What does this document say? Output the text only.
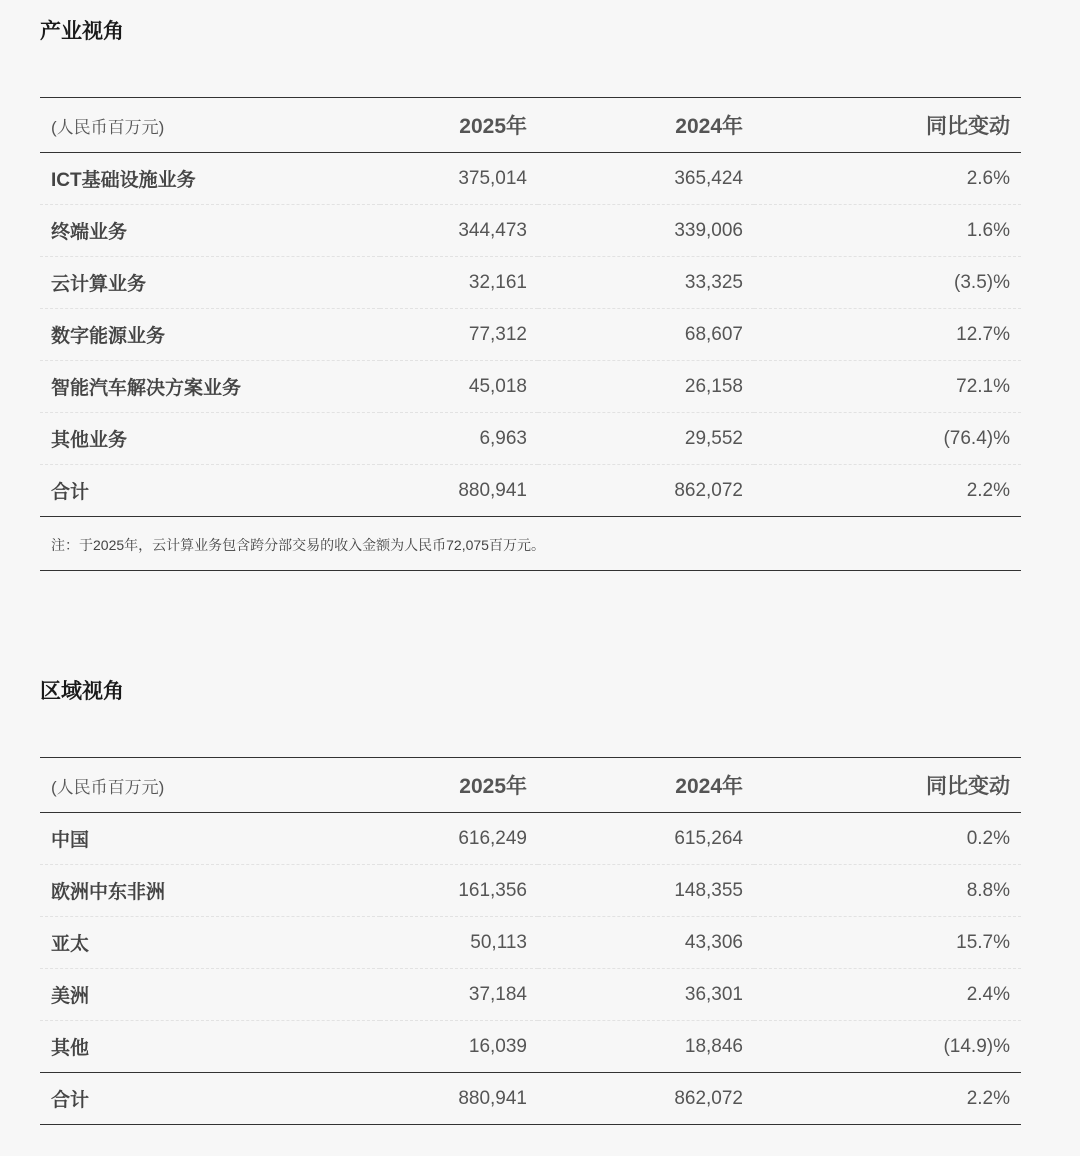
产业视角
(人民币百万元)	2025年	2024年	同比变动
ICT基础设施业务	375,014	365,424	2.6%
终端业务	344,473	339,006	1.6%
云计算业务	32,161	33,325	(3.5)%
数字能源业务	77,312	68,607	12.7%
智能汽车解决方案业务	45,018	26,158	72.1%
其他业务	6,963	29,552	(76.4)%
合计	880,941	862,072	2.2%
注：于2025年，云计算业务包含跨分部交易的收入金额为人民币72,075百万元。
区域视角
(人民币百万元)	2025年	2024年	同比变动
中国	616,249	615,264	0.2%
欧洲中东非洲	161,356	148,355	8.8%
亚太	50,113	43,306	15.7%
美洲	37,184	36,301	2.4%
其他	16,039	18,846	(14.9)%
合计	880,941	862,072	2.2%
